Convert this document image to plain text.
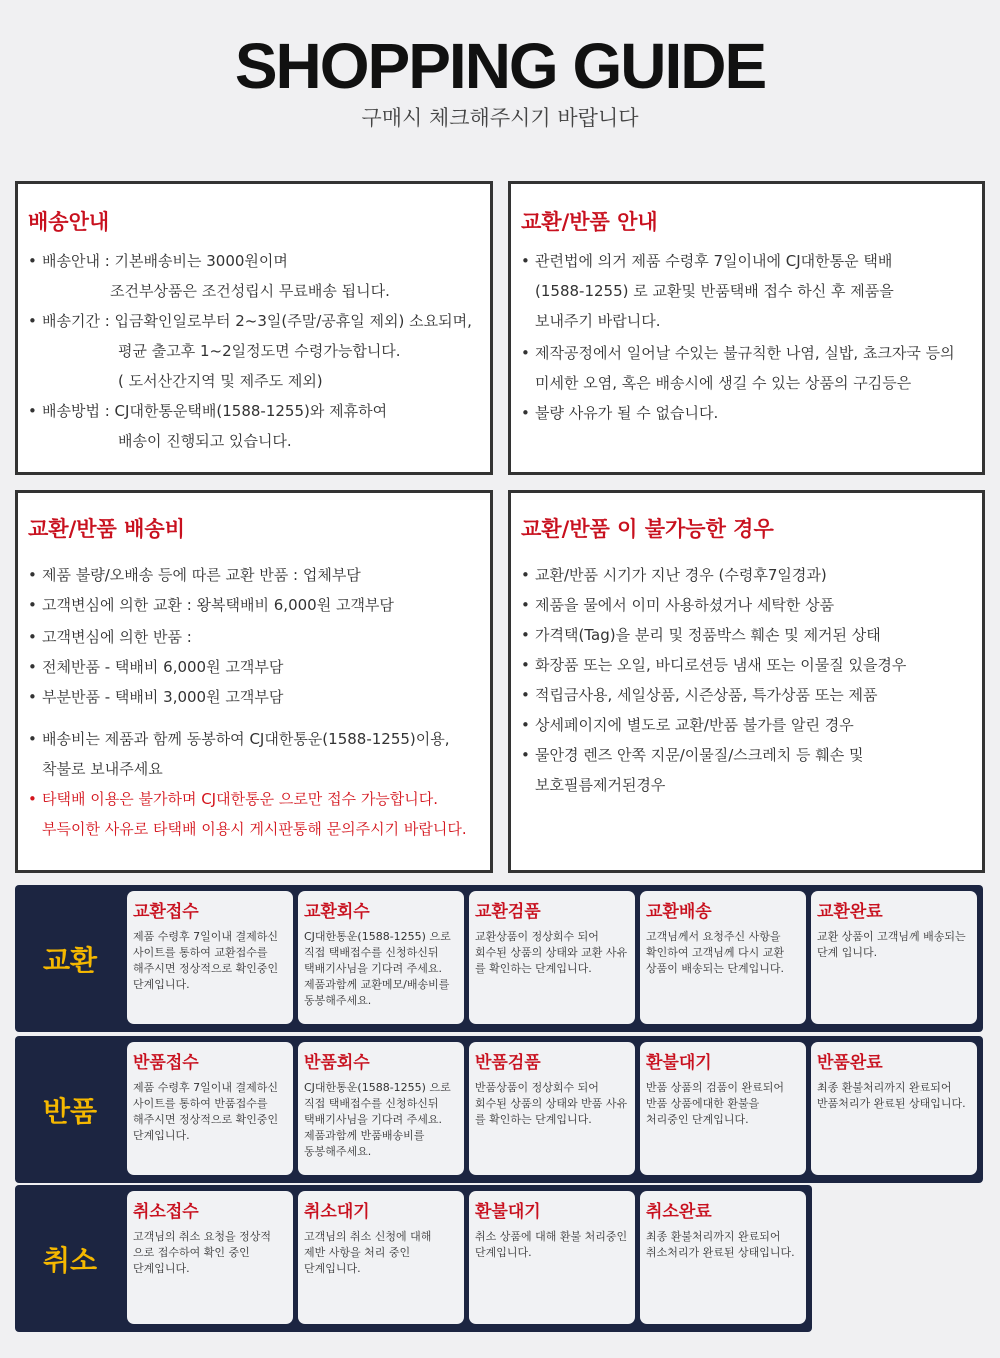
SHOPPING GUIDE
구매시 체크해주시기 바랍니다
배송안내
• 배송안내 : 기본배송비는 3000원이며
조건부상품은 조건성립시 무료배송 됩니다.
• 배송기간 : 입금확인일로부터 2~3일(주말/공휴일 제외) 소요되며,
평균 출고후 1~2일정도면 수령가능합니다.
( 도서산간지역 및 제주도 제외)
• 배송방법 : CJ대한통운택배(1588-1255)와 제휴하여
배송이 진행되고 있습니다.
교환/반품 안내
• 관련법에 의거 제품 수령후 7일이내에 CJ대한통운 택배
(1588-1255) 로 교환및 반품택배 접수 하신 후 제품을
보내주기 바랍니다.
• 제작공정에서 일어날 수있는 불규칙한 나염, 실밥, 쵸크자국 등의
미세한 오염, 혹은 배송시에 생길 수 있는 상품의 구김등은
• 불량 사유가 될 수 없습니다.
교환/반품 배송비
• 제품 불량/오배송 등에 따른 교환 반품 : 업체부담
• 고객변심에 의한 교환 : 왕복택배비 6,000원 고객부담
• 고객변심에 의한 반품 :
• 전체반품 - 택배비 6,000원 고객부담
• 부분반품 - 택배비 3,000원 고객부담
• 배송비는 제품과 함께 동봉하여 CJ대한통운(1588-1255)이용,
착불로 보내주세요
• 타택배 이용은 불가하며 CJ대한통운 으로만 접수 가능합니다.
부득이한 사유로 타택배 이용시 게시판통해 문의주시기 바랍니다.
교환/반품 이 불가능한 경우
• 교환/반품 시기가 지난 경우 (수령후7일경과)
• 제품을 물에서 이미 사용하셨거나 세탁한 상품
• 가격택(Tag)을 분리 및 정품박스 훼손 및 제거된 상태
• 화장품 또는 오일, 바디로션등 냄새 또는 이물질 있을경우
• 적립금사용, 세일상품, 시즌상품, 특가상품 또는 제품
• 상세페이지에 별도로 교환/반품 불가를 알린 경우
• 물안경 렌즈 안쪽 지문/이물질/스크레치 등 훼손 및
보호필름제거된경우
교환
교환접수

제품 수령후 7일이내 결제하신
사이트를 통하여 교환접수를
해주시면 정상적으로 확인중인
단계입니다.

교환회수

CJ대한통운(1588-1255) 으로
직접 택배접수를 신청하신뒤
택배기사님을 기다려 주세요.
제품과함께 교환메모/배송비를
동봉해주세요.

교환검품

교환상품이 정상회수 되어
회수된 상품의 상태와 교환 사유
를 확인하는 단계입니다.

교환배송

고객님께서 요청주신 사항을
확인하여 고객님께 다시 교환
상품이 배송되는 단계입니다.

교환완료

교환 상품이 고객님께 배송되는
단계 입니다.

반품
반품접수

제품 수령후 7일이내 결제하신
사이트를 통하여 반품접수를
해주시면 정상적으로 확인중인
단계입니다.

반품회수

CJ대한통운(1588-1255) 으로
직접 택배접수를 신청하신뒤
택배기사님을 기다려 주세요.
제품과함께 반품배송비를
동봉해주세요.

반품검품

반품상품이 정상회수 되어
회수된 상품의 상태와 반품 사유
를 확인하는 단계입니다.

환불대기

반품 상품의 검품이 완료되어
반품 상품에대한 환불을
처리중인 단계입니다.

반품완료

최종 환불처리까지 완료되어
반품처리가 완료된 상태입니다.

취소
취소접수

고객님의 취소 요청을 정상적
으로 접수하여 확인 중인
단계입니다.

취소대기

고객님의 취소 신청에 대해
제반 사항을 처리 중인
단계입니다.

환불대기

취소 상품에 대해 환불 처리중인
단계입니다.

취소완료

최종 환불처리까지 완료되어
취소처리가 완료된 상태입니다.
